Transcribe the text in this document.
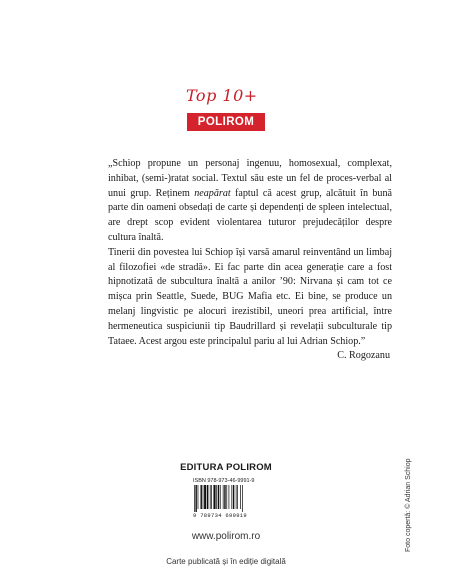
Top 10+
POLIROM

„Schiop propune un personaj ingenuu, homosexual, complexat, inhibat, (semi-)ratat social. Textul său este un fel de proces-verbal al unui grup. Reținem neapărat faptul că acest grup, alcătuit în bună parte din oameni obsedați de carte și dependenți de spleen intelectual, are drept scop evident violentarea tuturor prejudecăților despre cultura înaltă.

Tinerii din povestea lui Schiop își varsă amarul reinventând un limbaj al filozofiei «de stradă». Ei fac parte din acea generație care a fost hipnotizată de subcultura înaltă a anilor ’90: Nirvana și cam tot ce mișca prin Seattle, Suede, BUG Mafia etc. Ei bine, se produce un melanj lingvistic pe alocuri irezistibil, uneori prea artificial, între hermeneutica suspiciunii tip Baudrillard și revelații subculturale tip Tataee. Acest argou este principalul pariu al lui Adrian Schiop.”

C. Rogozanu

Foto copertă: © Adrian Schiop
EDITURA POLIROM
ISBN 978-973-46-9991-9
9 789734 699919
www.polirom.ro
Carte publicată și în ediție digitală
